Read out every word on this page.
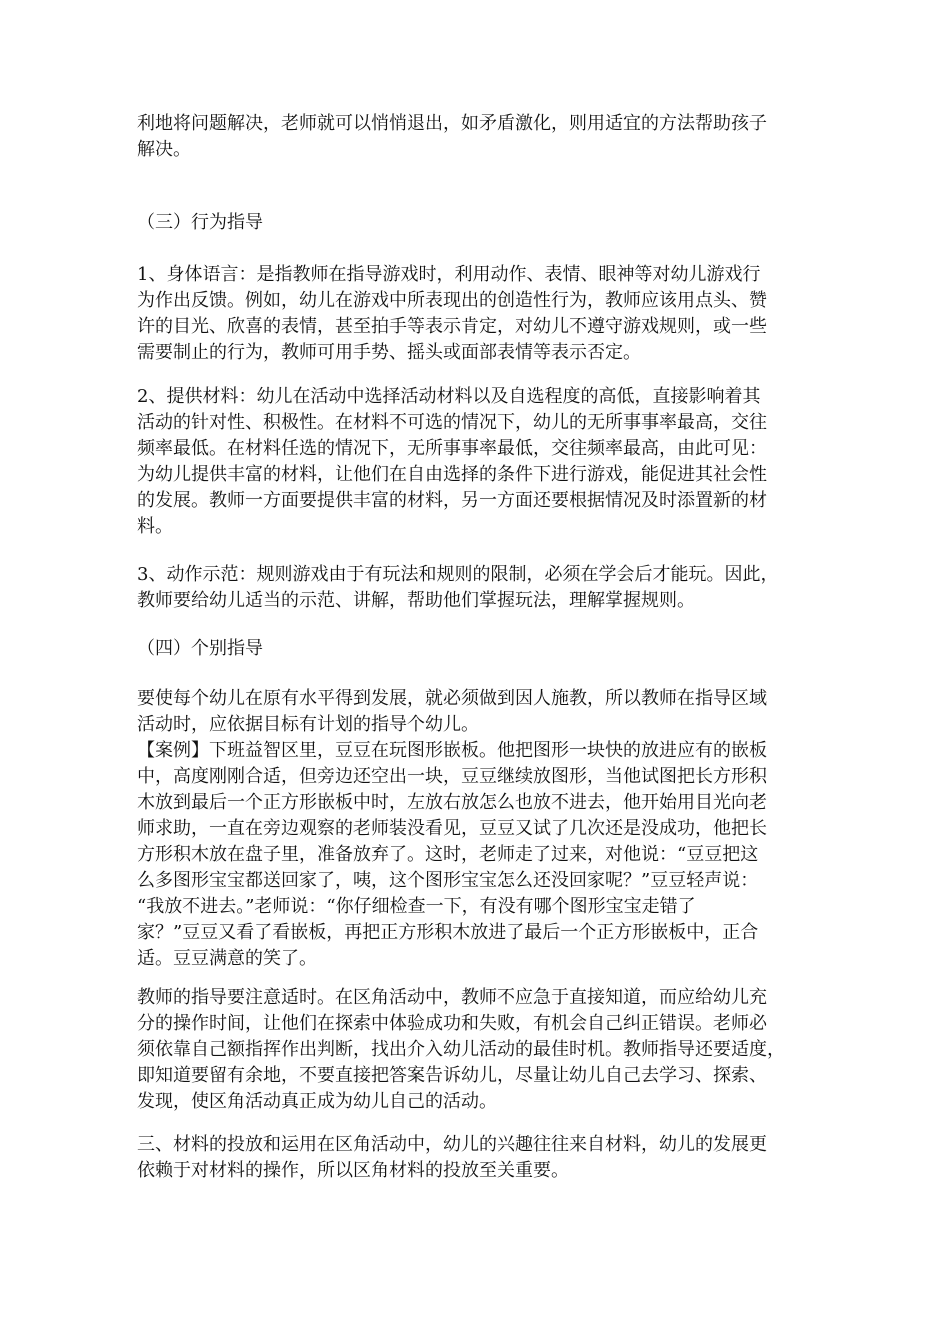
利地将问题解决，老师就可以悄悄退出，如矛盾激化，则用适宜的方法帮助孩子
解决。
（三）行为指导
1、身体语言：是指教师在指导游戏时，利用动作、表情、眼神等对幼儿游戏行
为作出反馈。例如，幼儿在游戏中所表现出的创造性行为，教师应该用点头、赞
许的目光、欣喜的表情，甚至拍手等表示肯定，对幼儿不遵守游戏规则，或一些
需要制止的行为，教师可用手势、摇头或面部表情等表示否定。
2、提供材料：幼儿在活动中选择活动材料以及自选程度的高低，直接影响着其
活动的针对性、积极性。在材料不可选的情况下，幼儿的无所事事率最高，交往
频率最低。在材料任选的情况下，无所事事率最低，交往频率最高，由此可见：
为幼儿提供丰富的材料，让他们在自由选择的条件下进行游戏，能促进其社会性
的发展。教师一方面要提供丰富的材料，另一方面还要根据情况及时添置新的材
料。
3、动作示范：规则游戏由于有玩法和规则的限制，必须在学会后才能玩。因此，
教师要给幼儿适当的示范、讲解，帮助他们掌握玩法，理解掌握规则。
（四）个别指导
要使每个幼儿在原有水平得到发展，就必须做到因人施教，所以教师在指导区域
活动时，应依据目标有计划的指导个幼儿。
【案例】下班益智区里，豆豆在玩图形嵌板。他把图形一块快的放进应有的嵌板
中，高度刚刚合适，但旁边还空出一块，豆豆继续放图形，当他试图把长方形积
木放到最后一个正方形嵌板中时，左放右放怎么也放不进去，他开始用目光向老
师求助，一直在旁边观察的老师装没看见，豆豆又试了几次还是没成功，他把长
方形积木放在盘子里，准备放弃了。这时，老师走了过来，对他说：“豆豆把这
么多图形宝宝都送回家了，咦，这个图形宝宝怎么还没回家呢？”豆豆轻声说：
“我放不进去。”老师说：“你仔细检查一下，有没有哪个图形宝宝走错了
家？”豆豆又看了看嵌板，再把正方形积木放进了最后一个正方形嵌板中，正合
适。豆豆满意的笑了。
教师的指导要注意适时。在区角活动中，教师不应急于直接知道，而应给幼儿充
分的操作时间，让他们在探索中体验成功和失败，有机会自己纠正错误。老师必
须依靠自己额指挥作出判断，找出介入幼儿活动的最佳时机。教师指导还要适度，
即知道要留有余地，不要直接把答案告诉幼儿，尽量让幼儿自己去学习、探索、
发现，使区角活动真正成为幼儿自己的活动。
三、材料的投放和运用在区角活动中，幼儿的兴趣往往来自材料，幼儿的发展更
依赖于对材料的操作，所以区角材料的投放至关重要。
